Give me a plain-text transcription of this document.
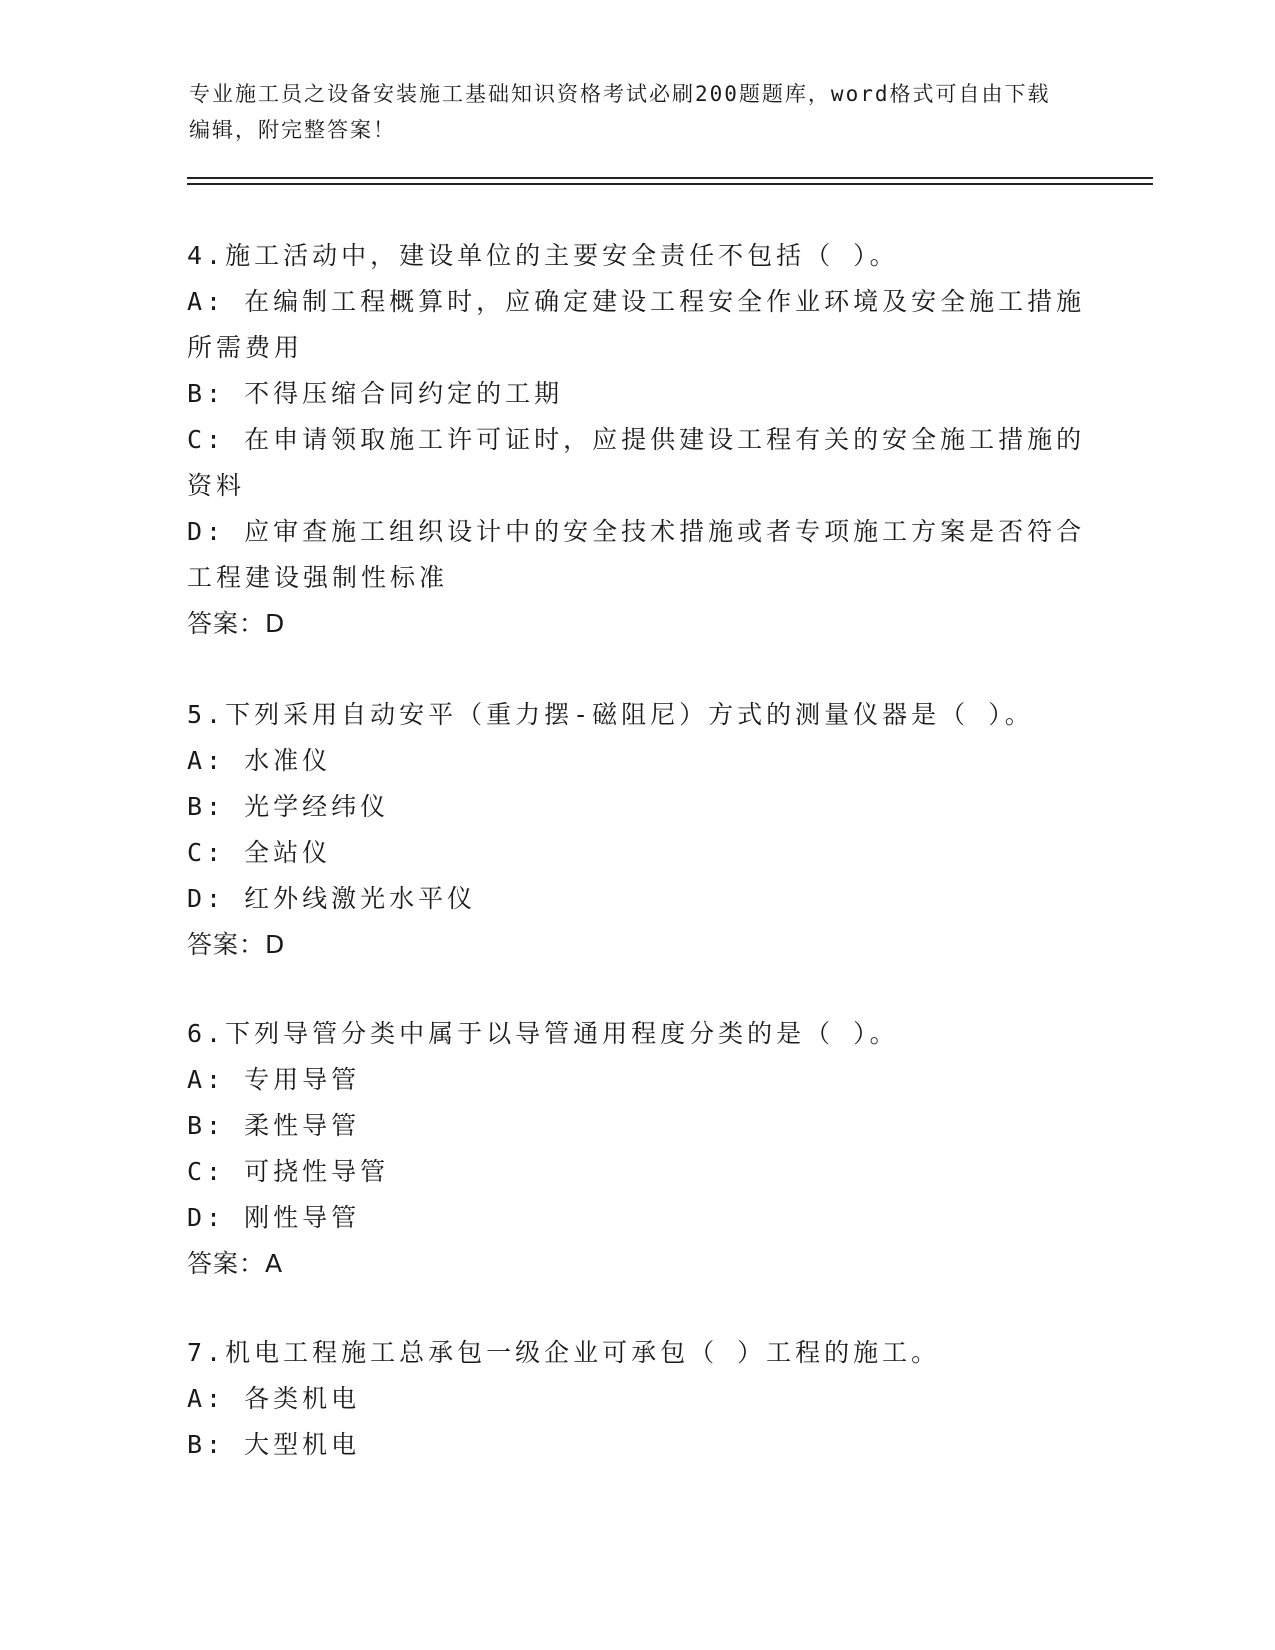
专业施工员之设备安装施工基础知识资格考试必刷200题题库，word格式可自由下载编辑，附完整答案！

4.施工活动中，建设单位的主要安全责任不包括（ ）。

A: 在编制工程概算时，应确定建设工程安全作业环境及安全施工措施所需费用

B: 不得压缩合同约定的工期

C: 在申请领取施工许可证时，应提供建设工程有关的安全施工措施的资料

D: 应审查施工组织设计中的安全技术措施或者专项施工方案是否符合工程建设强制性标准

答案：D

5.下列采用自动安平（重力摆-磁阻尼）方式的测量仪器是（ ）。

A: 水准仪

B: 光学经纬仪

C: 全站仪

D: 红外线激光水平仪

答案：D

6.下列导管分类中属于以导管通用程度分类的是（ ）。

A: 专用导管

B: 柔性导管

C: 可挠性导管

D: 刚性导管

答案：A

7.机电工程施工总承包一级企业可承包（ ）工程的施工。

A: 各类机电

B: 大型机电
